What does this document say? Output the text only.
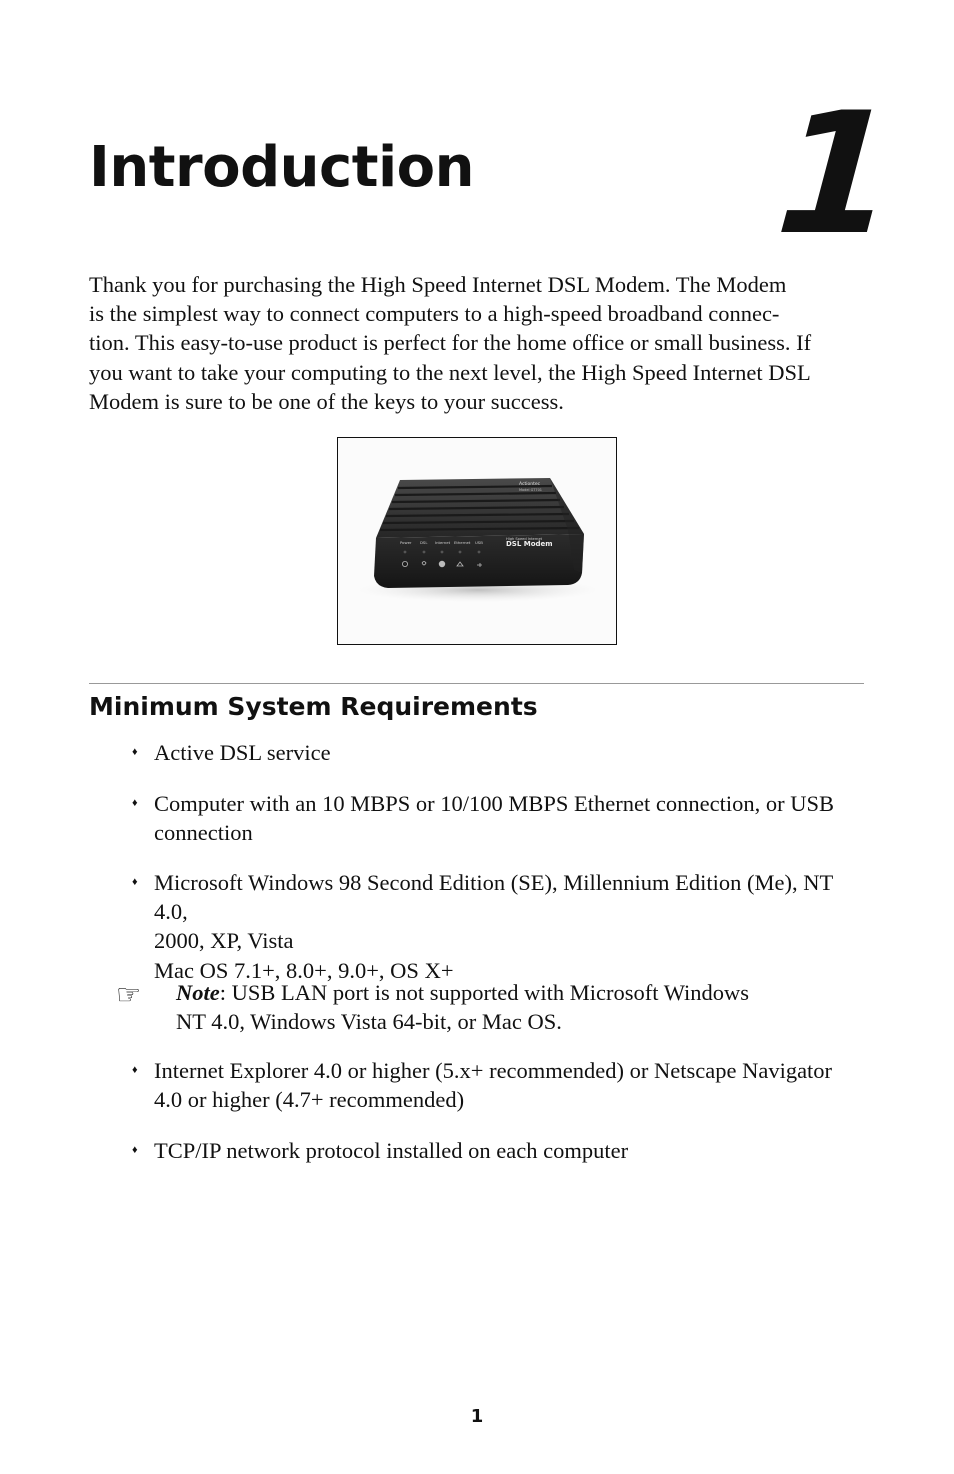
Introduction 1

Thank you for purchasing the High Speed Internet DSL Modem. The Modem

is the simplest way to connect computers to a high-speed broadband connec-

tion. This easy-to-use product is perfect for the home office or small business. If

you want to take your computing to the next level, the High Speed Internet DSL

Modem is sure to be one of the keys to your success.

Actiontec
Model GT701
High Speed Internet
DSL Modem
Power DSL Internet Ethernet USB
Minimum System Requirements
♦ Active DSL service
♦ Computer with an 10 MBPS or 10/100 MBPS Ethernet connection, or USB
connection
♦ Microsoft Windows 98 Second Edition (SE), Millennium Edition (Me), NT 4.0,
2000, XP, Vista
Mac OS 7.1+, 8.0+, 9.0+, OS X+
♦ Internet Explorer 4.0 or higher (5.x+ recommended) or Netscape Navigator
4.0 or higher (4.7+ recommended)
♦ TCP/IP network protocol installed on each computer
☞ Note: USB LAN port is not supported with Microsoft Windows
NT 4.0, Windows Vista 64-bit, or Mac OS.
1
